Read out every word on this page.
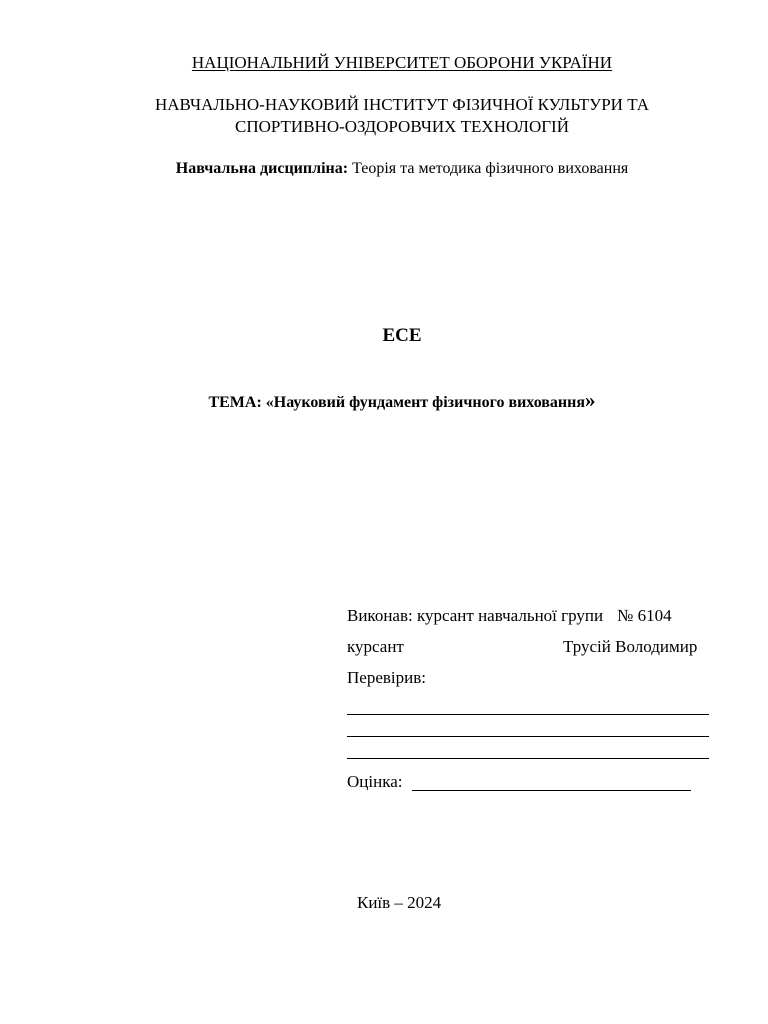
НАЦІОНАЛЬНИЙ УНІВЕРСИТЕТ ОБОРОНИ УКРАЇНИ
НАВЧАЛЬНО-НАУКОВИЙ ІНСТИТУТ ФІЗИЧНОЇ КУЛЬТУРИ ТА
СПОРТИВНО-ОЗДОРОВЧИХ ТЕХНОЛОГІЙ
Навчальна дисципліна: Теорія та методика фізичного виховання
ЕСЕ
ТЕМА: «Науковий фундамент фізичного виховання»
Виконав: курсант навчальної групи № 6104
курсант	Трусій Володимир
Перевірив:
Оцінка:
Київ – 2024
